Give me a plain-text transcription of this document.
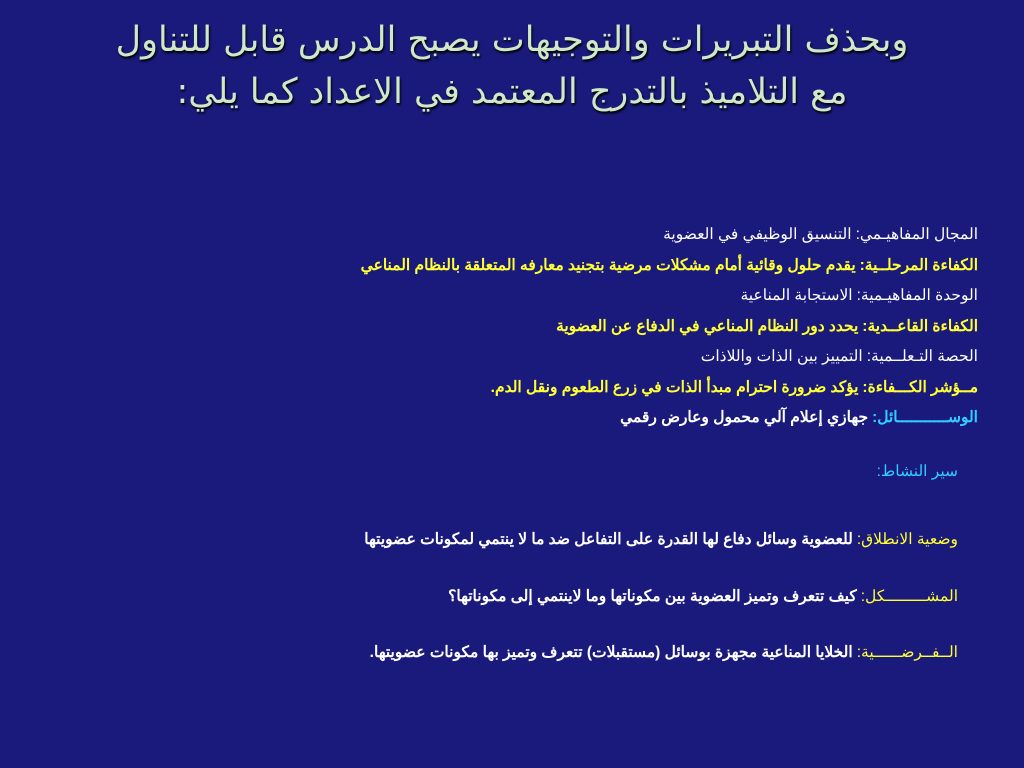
وبحذف التبريرات والتوجيهات يصبح الدرس قابل للتناول
مع التلاميذ بالتدرج المعتمد في الاعداد كما يلي:
المجال المفاهيـمي:التنسيق الوظيفي في العضوية
الكفاءة المرحلــية:يقدم حلول وقائية أمام مشكلات مرضية بتجنيد معارفه المتعلقة بالنظام المناعي
الوحدة المفاهيـمية:الاستجابة المناعية
الكفاءة القاعــدية:يحدد دور النظام المناعي في الدفاع عن العضوية
الحصة التـعلــمية:التمييز بين الذات واللاذات
مــؤشر الكـــفاءة:يؤكد ضرورة احترام مبدأ الذات في زرع الطعوم ونقل الدم.
الوســـــــــــائل:جهازي إعلام آلي محمول وعارض رقمي
سير النشاط:
وضعية الانطلاق:للعضوية وسائل دفاع لها القدرة على التفاعل ضد ما لا ينتمي لمكونات عضويتها
المشـــــــــكل:كيف تتعرف وتميز العضوية بين مكوناتها وما لاينتمي إلى مكوناتها؟
الــفــرضــــــية:الخلايا المناعية مجهزة بوسائل (مستقبلات) تتعرف وتميز بها مكونات عضويتها.
